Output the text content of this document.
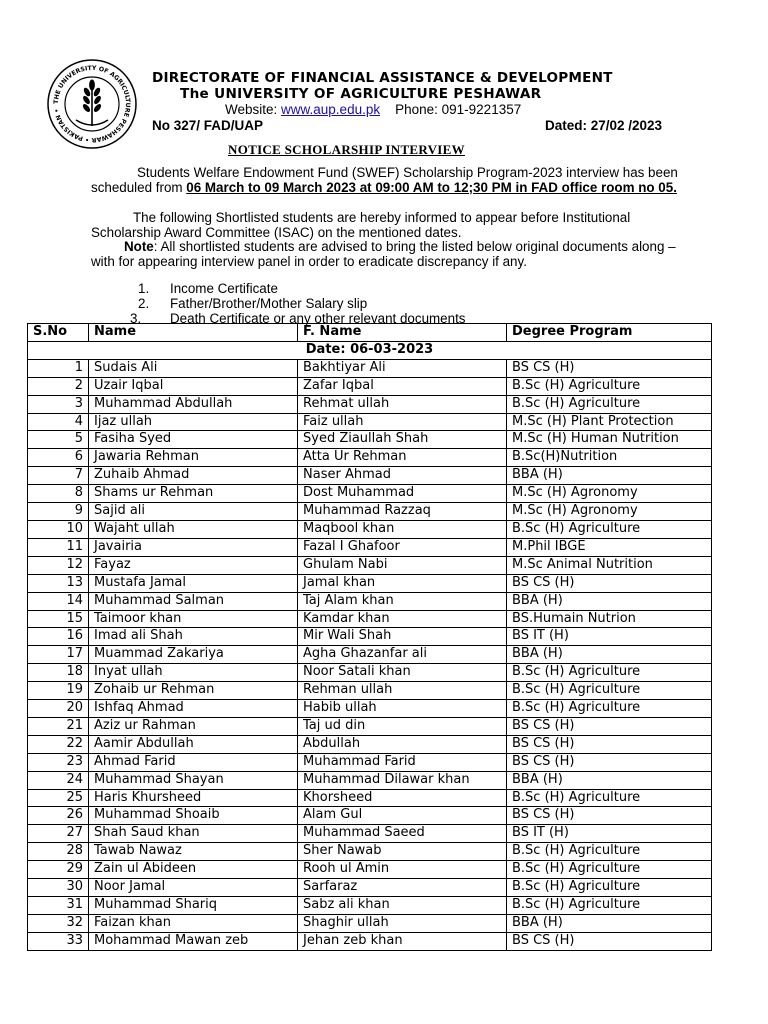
THE UNIVERSITY OF AGRICULTURE PESHAWAR • PAKISTAN •
DIRECTORATE OF FINANCIAL ASSISTANCE & DEVELOPMENT
The UNIVERSITY OF AGRICULTURE PESHAWAR
Website: www.aup.edu.pk Phone: 091-9221357
No 327/ FAD/UAP	Dated: 27/02 /2023
NOTICE SCHOLARSHIP INTERVIEW
Students Welfare Endowment Fund (SWEF) Scholarship Program-2023 interview has been scheduled from 06 March to 09 March 2023 at 09:00 AM to 12;30 PM in FAD office room no 05.
The following Shortlisted students are hereby informed to appear before Institutional Scholarship Award Committee (ISAC) on the mentioned dates.
Note: All shortlisted students are advised to bring the listed below original documents along –with for appearing interview panel in order to eradicate discrepancy if any.
1. Income Certificate
2. Father/Brother/Mother Salary slip
3. Death Certificate or any other relevant documents
S.No	Name	F. Name	Degree Program
Date: 06-03-2023			
1	Sudais Ali	Bakhtiyar Ali	BS CS (H)
2	Uzair Iqbal	Zafar Iqbal	B.Sc (H) Agriculture
3	Muhammad Abdullah	Rehmat ullah	B.Sc (H) Agriculture
4	Ijaz ullah	Faiz ullah	M.Sc (H) Plant Protection
5	Fasiha Syed	Syed Ziaullah Shah	M.Sc (H) Human Nutrition
6	Jawaria Rehman	Atta Ur Rehman	B.Sc(H)Nutrition
7	Zuhaib Ahmad	Naser Ahmad	BBA (H)
8	Shams ur Rehman	Dost Muhammad	M.Sc (H) Agronomy
9	Sajid ali	Muhammad Razzaq	M.Sc (H) Agronomy
10	Wajaht ullah	Maqbool khan	B.Sc (H) Agriculture
11	Javairia	Fazal I Ghafoor	M.Phil IBGE
12	Fayaz	Ghulam Nabi	M.Sc Animal Nutrition
13	Mustafa Jamal	Jamal khan	BS CS (H)
14	Muhammad Salman	Taj Alam khan	BBA (H)
15	Taimoor khan	Kamdar khan	BS.Humain Nutrion
16	Imad ali Shah	Mir Wali Shah	BS IT (H)
17	Muammad Zakariya	Agha Ghazanfar ali	BBA (H)
18	Inyat ullah	Noor Satali khan	B.Sc (H) Agriculture
19	Zohaib ur Rehman	Rehman ullah	B.Sc (H) Agriculture
20	Ishfaq Ahmad	Habib ullah	B.Sc (H) Agriculture
21	Aziz ur Rahman	Taj ud din	BS CS (H)
22	Aamir Abdullah	Abdullah	BS CS (H)
23	Ahmad Farid	Muhammad Farid	BS CS (H)
24	Muhammad Shayan	Muhammad Dilawar khan	BBA (H)
25	Haris Khursheed	Khorsheed	B.Sc (H) Agriculture
26	Muhammad Shoaib	Alam Gul	BS CS (H)
27	Shah Saud khan	Muhammad Saeed	BS IT (H)
28	Tawab Nawaz	Sher Nawab	B.Sc (H) Agriculture
29	Zain ul Abideen	Rooh ul Amin	B.Sc (H) Agriculture
30	Noor Jamal	Sarfaraz	B.Sc (H) Agriculture
31	Muhammad Shariq	Sabz ali khan	B.Sc (H) Agriculture
32	Faizan khan	Shaghir ullah	BBA (H)
33	Mohammad Mawan zeb	Jehan zeb khan	BS CS (H)
